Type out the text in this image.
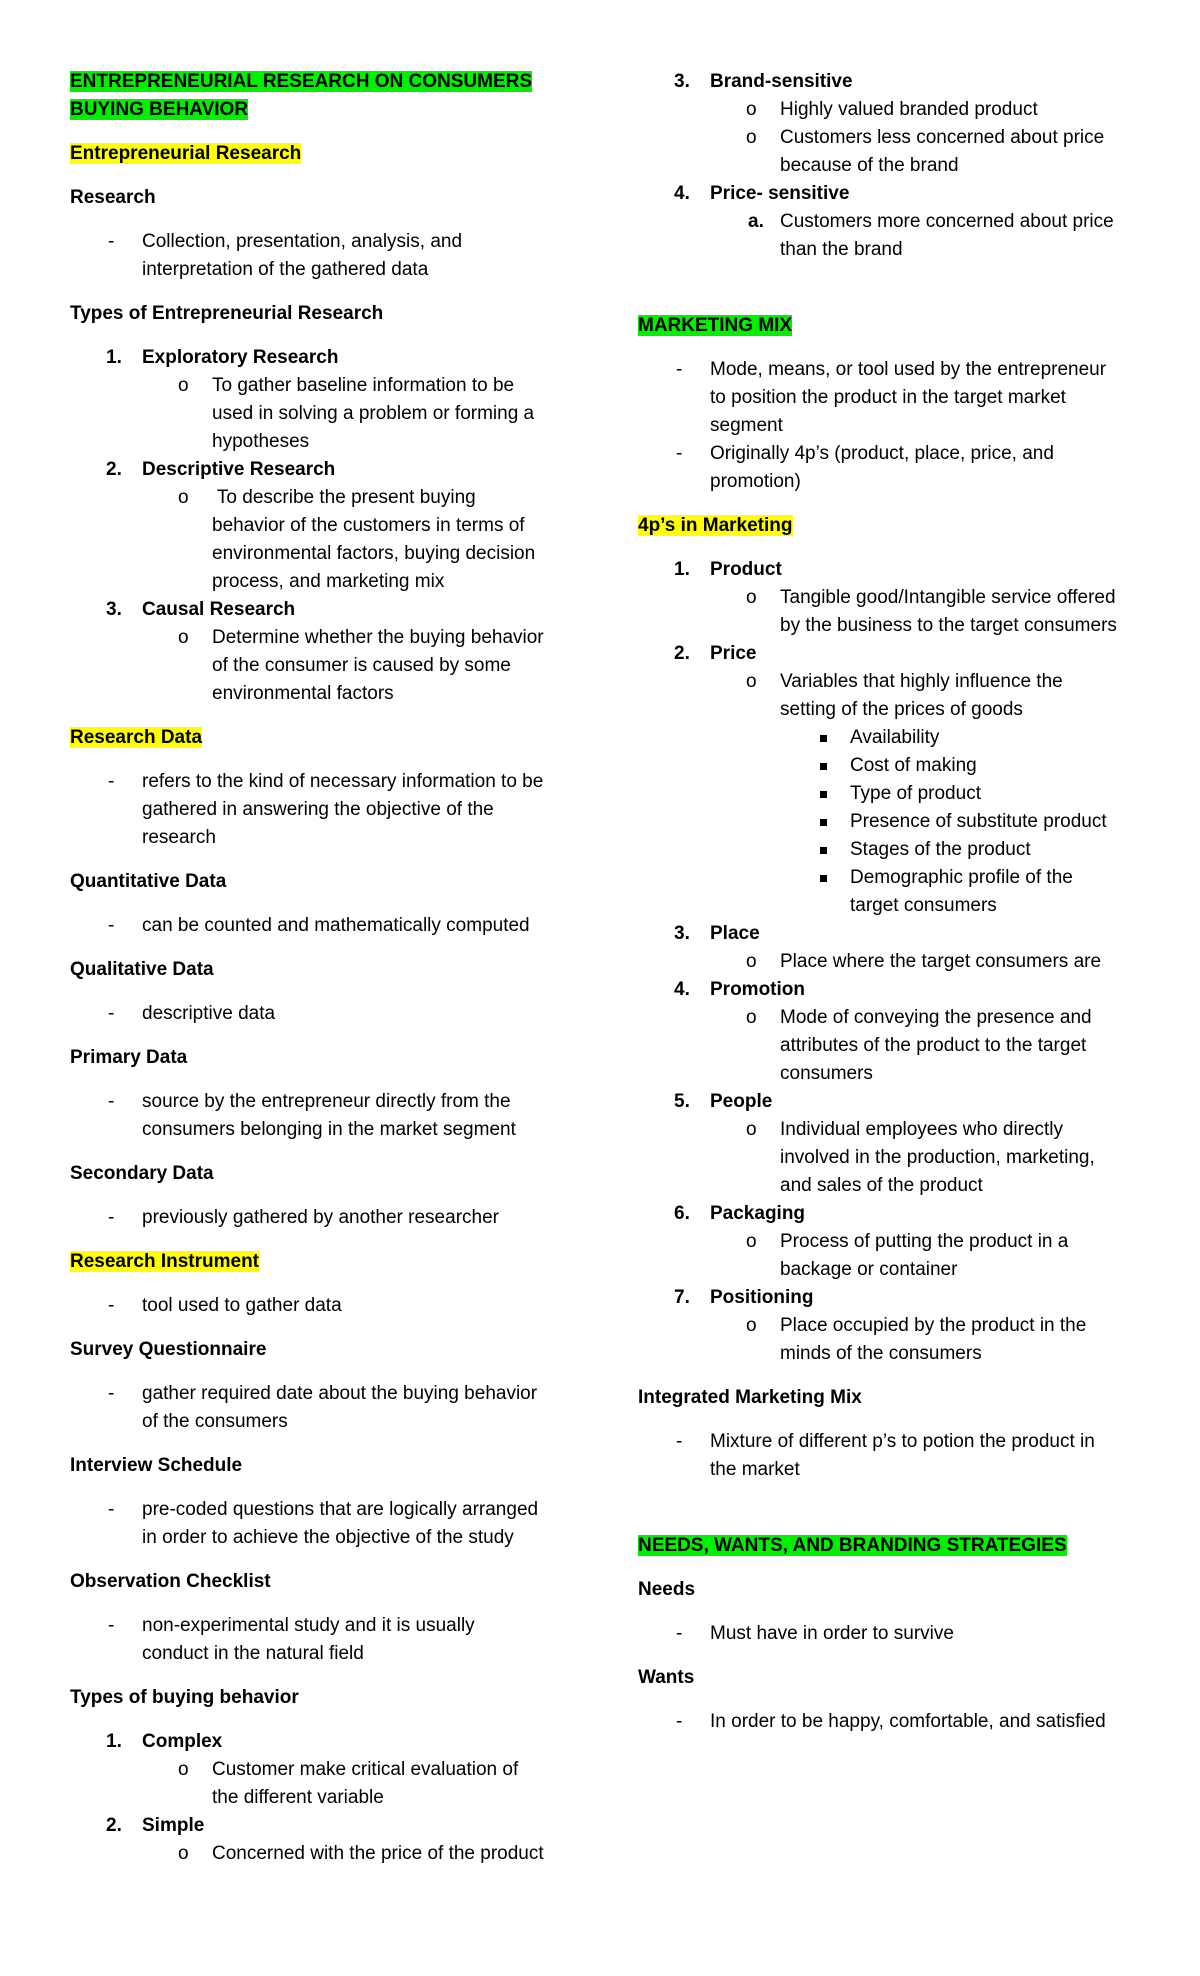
ENTREPRENEURIAL RESEARCH ON CONSUMERS
BUYING BEHAVIOR
Entrepreneurial Research
Research
- Collection, presentation, analysis, and
interpretation of the gathered data
Types of Entrepreneurial Research
1. Exploratory Research
o To gather baseline information to be
used in solving a problem or forming a
hypotheses
2. Descriptive Research
o To describe the present buying
behavior of the customers in terms of
environmental factors, buying decision
process, and marketing mix
3. Causal Research
o Determine whether the buying behavior
of the consumer is caused by some
environmental factors
Research Data
- refers to the kind of necessary information to be
gathered in answering the objective of the
research
Quantitative Data
- can be counted and mathematically computed
Qualitative Data
- descriptive data
Primary Data
- source by the entrepreneur directly from the
consumers belonging in the market segment
Secondary Data
- previously gathered by another researcher
Research Instrument
- tool used to gather data
Survey Questionnaire
- gather required date about the buying behavior
of the consumers
Interview Schedule
- pre-coded questions that are logically arranged
in order to achieve the objective of the study
Observation Checklist
- non-experimental study and it is usually
conduct in the natural field
Types of buying behavior
1. Complex
o Customer make critical evaluation of
the different variable
2. Simple
o Concerned with the price of the product
3. Brand-sensitive
o Highly valued branded product
o Customers less concerned about price
because of the brand
4. Price- sensitive
a. Customers more concerned about price
than the brand
MARKETING MIX
- Mode, means, or tool used by the entrepreneur
to position the product in the target market
segment
- Originally 4p’s (product, place, price, and
promotion)
4p’s in Marketing
1. Product
o Tangible good/Intangible service offered
by the business to the target consumers
2. Price
o Variables that highly influence the
setting of the prices of goods
Availability
Cost of making
Type of product
Presence of substitute product
Stages of the product
Demographic profile of the
target consumers
3. Place
o Place where the target consumers are
4. Promotion
o Mode of conveying the presence and
attributes of the product to the target
consumers
5. People
o Individual employees who directly
involved in the production, marketing,
and sales of the product
6. Packaging
o Process of putting the product in a
backage or container
7. Positioning
o Place occupied by the product in the
minds of the consumers
Integrated Marketing Mix
- Mixture of different p’s to potion the product in
the market
NEEDS, WANTS, AND BRANDING STRATEGIES
Needs
- Must have in order to survive
Wants
- In order to be happy, comfortable, and satisfied
